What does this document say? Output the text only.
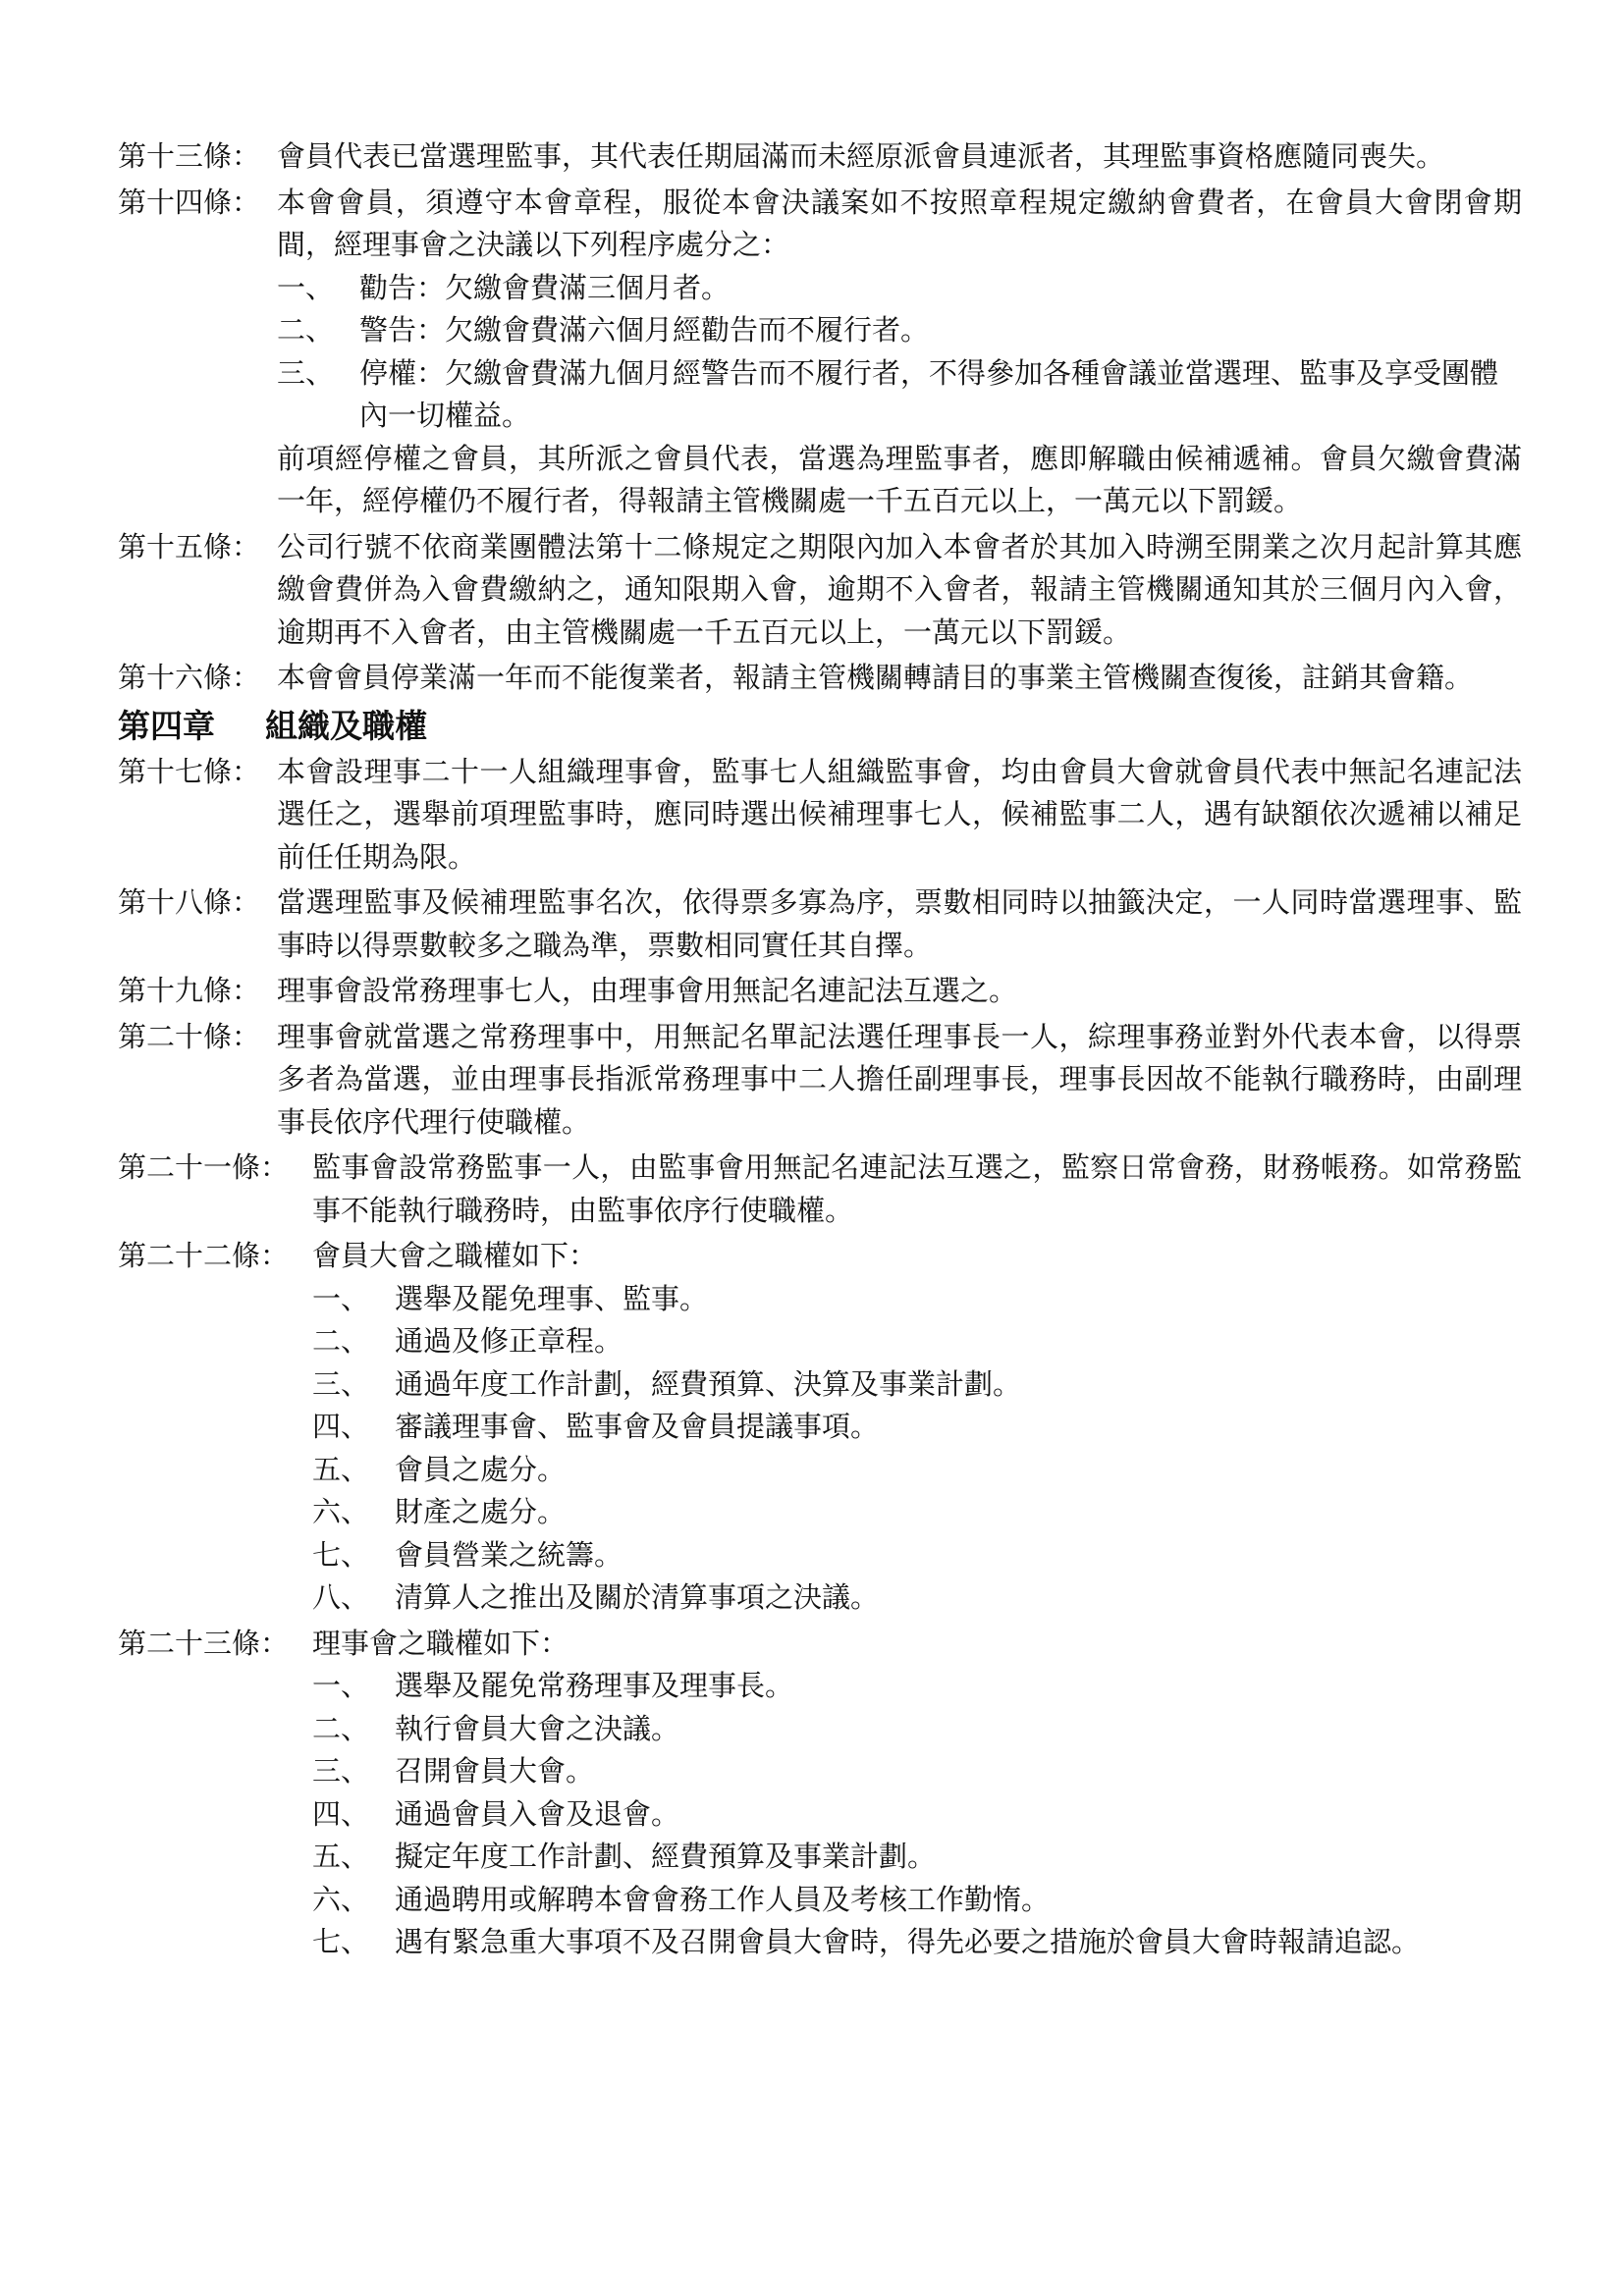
第十三條： 會員代表已當選理監事，其代表任期屆滿而未經原派會員連派者，其理監事資格應隨同喪失。
第十四條： 本會會員，須遵守本會章程，服從本會決議案如不按照章程規定繳納會費者，在會員大會閉會期間，經理事會之決議以下列程序處分之：
一、 勸告：欠繳會費滿三個月者。
二、 警告：欠繳會費滿六個月經勸告而不履行者。
三、 停權：欠繳會費滿九個月經警告而不履行者，不得參加各種會議並當選理、監事及享受團體內一切權益。
前項經停權之會員，其所派之會員代表，當選為理監事者，應即解職由候補遞補。會員欠繳會費滿一年，經停權仍不履行者，得報請主管機關處一千五百元以上，一萬元以下罰鍰。
第十五條： 公司行號不依商業團體法第十二條規定之期限內加入本會者於其加入時溯至開業之次月起計算其應繳會費併為入會費繳納之，通知限期入會，逾期不入會者，報請主管機關通知其於三個月內入會，逾期再不入會者，由主管機關處一千五百元以上，一萬元以下罰鍰。
第十六條： 本會會員停業滿一年而不能復業者，報請主管機關轉請目的事業主管機關查復後，註銷其會籍。
第四章 組織及職權
第十七條： 本會設理事二十一人組織理事會，監事七人組織監事會，均由會員大會就會員代表中無記名連記法選任之，選舉前項理監事時，應同時選出候補理事七人，候補監事二人，遇有缺額依次遞補以補足前任任期為限。
第十八條： 當選理監事及候補理監事名次，依得票多寡為序，票數相同時以抽籤決定，一人同時當選理事、監事時以得票數較多之職為準，票數相同實任其自擇。
第十九條： 理事會設常務理事七人，由理事會用無記名連記法互選之。
第二十條： 理事會就當選之常務理事中，用無記名單記法選任理事長一人，綜理事務並對外代表本會，以得票多者為當選，並由理事長指派常務理事中二人擔任副理事長，理事長因故不能執行職務時，由副理事長依序代理行使職權。
第二十一條： 監事會設常務監事一人，由監事會用無記名連記法互選之，監察日常會務，財務帳務。如常務監事不能執行職務時，由監事依序行使職權。
第二十二條： 會員大會之職權如下：
一、 選舉及罷免理事、監事。
二、 通過及修正章程。
三、 通過年度工作計劃，經費預算、決算及事業計劃。
四、 審議理事會、監事會及會員提議事項。
五、 會員之處分。
六、 財產之處分。
七、 會員營業之統籌。
八、 清算人之推出及關於清算事項之決議。
第二十三條： 理事會之職權如下：
一、 選舉及罷免常務理事及理事長。
二、 執行會員大會之決議。
三、 召開會員大會。
四、 通過會員入會及退會。
五、 擬定年度工作計劃、經費預算及事業計劃。
六、 通過聘用或解聘本會會務工作人員及考核工作勤惰。
七、 遇有緊急重大事項不及召開會員大會時，得先必要之措施於會員大會時報請追認。
